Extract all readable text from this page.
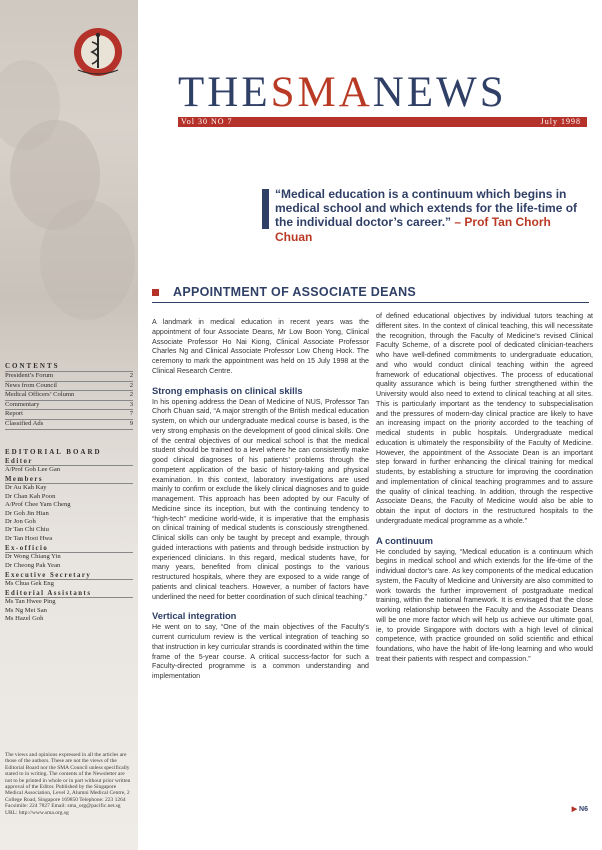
THESMANEWS
Vol 30 NO 7	July 1998
“Medical education is a continuum which begins in medical school and which extends for the life-time of the individual doctor’s career.” – Prof Tan Chorh Chuan
APPOINTMENT OF ASSOCIATE DEANS

A landmark in medical education in recent years was the appointment of four Associate Deans, Mr Low Boon Yong, Clinical Associate Professor Ho Nai Kiong, Clinical Associate Professor Charles Ng and Clinical Associate Professor Low Cheng Hock. The ceremony to mark the appointment was held on 15 July 1998 at the Clinical Research Centre.

Strong emphasis on clinical skills

In his opening address the Dean of Medicine of NUS, Professor Tan Chorh Chuan said, “A major strength of the British medical education system, on which our undergraduate medical course is based, is the very strong emphasis on the development of good clinical skills. One of the central objectives of our medical school is that the medical student should be trained to a level where he can consistently make good clinical diagnoses of his patients’ problems through the competent application of the basic of history-taking and physical examination. In this context, laboratory investigations are used mainly to confirm or exclude the likely clinical diagnoses and to guide management. This approach has been adopted by our Faculty of Medicine since its inception, but with the continuing tendency to “high-tech” medicine world-wide, it is imperative that the emphasis on clinical training of medical students is consciously strengthened. Clinical skills can only be taught by precept and example, through guided interactions with patients and through bedside instruction by experienced clinicians. In this regard, medical students have, for many years, benefited from clinical postings to the various restructured hospitals, where they are exposed to a wide range of patients and clinical teachers. However, a number of factors have underlined the need for better coordination of such clinical teaching.”

Vertical integration

He went on to say, “One of the main objectives of the Faculty’s current curriculum review is the vertical integration of teaching so that instruction in key curricular strands is coordinated within the time frame of the 5-year course. A critical success-factor for such a Faculty-directed programme is a common understanding and implementation

of defined educational objectives by individual tutors teaching at different sites. In the context of clinical teaching, this will necessitate the recognition, through the Faculty of Medicine’s revised Clinical Faculty Scheme, of a discrete pool of dedicated clinician-teachers who have well-defined commitments to undergraduate education, and who would conduct clinical teaching within the agreed framework of educational objectives. The process of educational quality assurance which is being further strengthened within the University would also need to extend to clinical teaching at all sites. This is particularly important as the tendency to subspecialisation and the pressures of modern-day clinical practice are likely to have an increasing impact on the priority accorded to the teaching of medical students in public hospitals. Undergraduate medical education is ultimately the responsibility of the Faculty of Medicine. However, the appointment of the Associate Dean is an important step forward in further enhancing the clinical training for medical students, by establishing a structure for improving the coordination and implementation of clinical teaching programmes and to assure the quality of clinical teaching. In addition, through the respective Associate Deans, the Faculty of Medicine would also be able to obtain the input of doctors in the restructured hospitals to the undergraduate medical programme as a whole.”

A continuum

He concluded by saying, “Medical education is a continuum which begins in medical school and which extends for the life-time of the individual doctor’s care. As key components of the medical education system, the Faculty of Medicine and University are also committed to work towards the further improvement of postgraduate medical training, within the national framework. It is envisaged that the close working relationship between the Faculty and the Associate Deans will be one more factor which will help us achieve our ultimate goal, ie, to provide Singapore with doctors with a high level of clinical competence, with practice grounded on solid scientific and ethical foundations, who have the habit of life-long learning and who would treat their patients with respect and compassion.”

▶ N6
CONTENTS
President’s Forum	2
News from Council	2
Medical Officers’ Column	2
Commentary	3
Report	7
Classified Ads	9
EDITORIAL BOARD
Editor
A/Prof Goh Lee Gan
Members
Dr Au Kah Kay
Dr Chan Kah Poon
A/Prof Chee Yam Cheng
Dr Goh Jin Hian
Dr Jon Goh
Dr Tan Chi Chiu
Dr Tan Hooi Hwa
Ex-officio
Dr Wong Chiang Yin
Dr Cheong Pak Yean
Executive Secretary
Ms Chua Gek Eng
Editorial Assistants
Ms Tan Hwee Ping
Ms Ng Mei San
Ms Hazel Goh
The views and opinions expressed in all the articles are those of the authors. These are not the views of the Editorial Board nor the SMA Council unless specifically stated to in writing. The contents of the Newsletter are not to be printed in whole or in part without prior written approval of the Editor. Published by the Singapore Medical Association, Level 2, Alumni Medical Centre, 2 College Road, Singapore 169850 Telephone: 223 1264 Facsimile: 224 7827 Email: sma_org@pacific.net.sg URL: http://www.sma.org.sg
